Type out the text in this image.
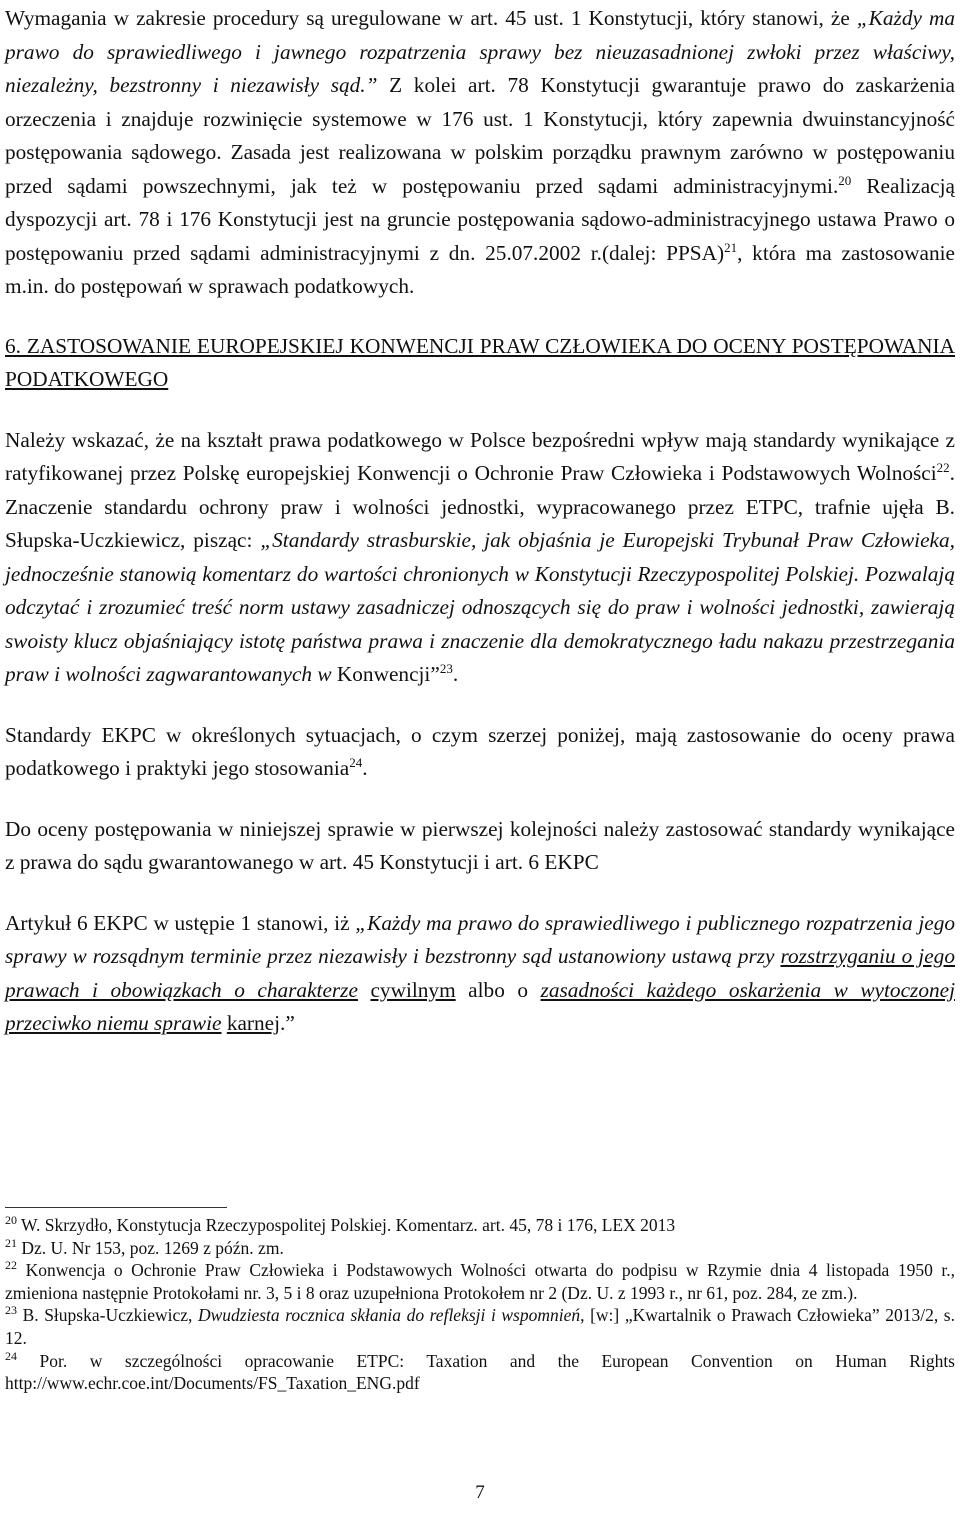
Wymagania w zakresie procedury są uregulowane w art. 45 ust. 1 Konstytucji, który stanowi, że „Każdy ma prawo do sprawiedliwego i jawnego rozpatrzenia sprawy bez nieuzasadnionej zwłoki przez właściwy, niezależny, bezstronny i niezawisły sąd.” Z kolei art. 78 Konstytucji gwarantuje prawo do zaskarżenia orzeczenia i znajduje rozwinięcie systemowe w 176 ust. 1 Konstytucji, który zapewnia dwuinstancyjność postępowania sądowego. Zasada jest realizowana w polskim porządku prawnym zarówno w postępowaniu przed sądami powszechnymi, jak też w postępowaniu przed sądami administracyjnymi.$^{20}$ Realizacją dyspozycji art. 78 i 176 Konstytucji jest na gruncie postępowania sądowo-administracyjnego ustawa Prawo o postępowaniu przed sądami administracyjnymi z dn. 25.07.2002 r.(dalej: PPSA)$^{21}$, która ma zastosowanie m.in. do postępowań w sprawach podatkowych.

6. ZASTOSOWANIE EUROPEJSKIEJ KONWENCJI PRAW CZŁOWIEKA DO OCENY POSTĘPOWANIA PODATKOWEGO

Należy wskazać, że na kształt prawa podatkowego w Polsce bezpośredni wpływ mają standardy wynikające z ratyfikowanej przez Polskę europejskiej Konwencji o Ochronie Praw Człowieka i Podstawowych Wolności$^{22}$. Znaczenie standardu ochrony praw i wolności jednostki, wypracowanego przez ETPC, trafnie ujęła B. Słupska-Uczkiewicz, pisząc: „Standardy strasburskie, jak objaśnia je Europejski Trybunał Praw Człowieka, jednocześnie stanowią komentarz do wartości chronionych w Konstytucji Rzeczypospolitej Polskiej. Pozwalają odczytać i zrozumieć treść norm ustawy zasadniczej odnoszących się do praw i wolności jednostki, zawierają swoisty klucz objaśniający istotę państwa prawa i znaczenie dla demokratycznego ładu nakazu przestrzegania praw i wolności zagwarantowanych w Konwencji”$^{23}$.

Standardy EKPC w określonych sytuacjach, o czym szerzej poniżej, mają zastosowanie do oceny prawa podatkowego i praktyki jego stosowania$^{24}$.

Do oceny postępowania w niniejszej sprawie w pierwszej kolejności należy zastosować standardy wynikające z prawa do sądu gwarantowanego w art. 45 Konstytucji i art. 6 EKPC

Artykuł 6 EKPC w ustępie 1 stanowi, iż „Każdy ma prawo do sprawiedliwego i publicznego rozpatrzenia jego sprawy w rozsądnym terminie przez niezawisły i bezstronny sąd ustanowiony ustawą przy rozstrzyganiu o jego prawach i obowiązkach o charakterze cywilnym albo o zasadności każdego oskarżenia w wytoczonej przeciwko niemu sprawie karnej.”

$^{20}$ W. Skrzydło, Konstytucja Rzeczypospolitej Polskiej. Komentarz. art. 45, 78 i 176, LEX 2013

$^{21}$ Dz. U. Nr 153, poz. 1269 z późn. zm.

$^{22}$ Konwencja o Ochronie Praw Człowieka i Podstawowych Wolności otwarta do podpisu w Rzymie dnia 4 listopada 1950 r., zmieniona następnie Protokołami nr. 3, 5 i 8 oraz uzupełniona Protokołem nr 2 (Dz. U. z 1993 r., nr 61, poz. 284, ze zm.).

$^{23}$ B. Słupska-Uczkiewicz, Dwudziesta rocznica skłania do refleksji i wspomnień, [w:] „Kwartalnik o Prawach Człowieka” 2013/2, s. 12.

$^{24}$ Por. w szczególności opracowanie ETPC: Taxation and the European Convention on Human Rights http://www.echr.coe.int/Documents/FS_Taxation_ENG.pdf

7
